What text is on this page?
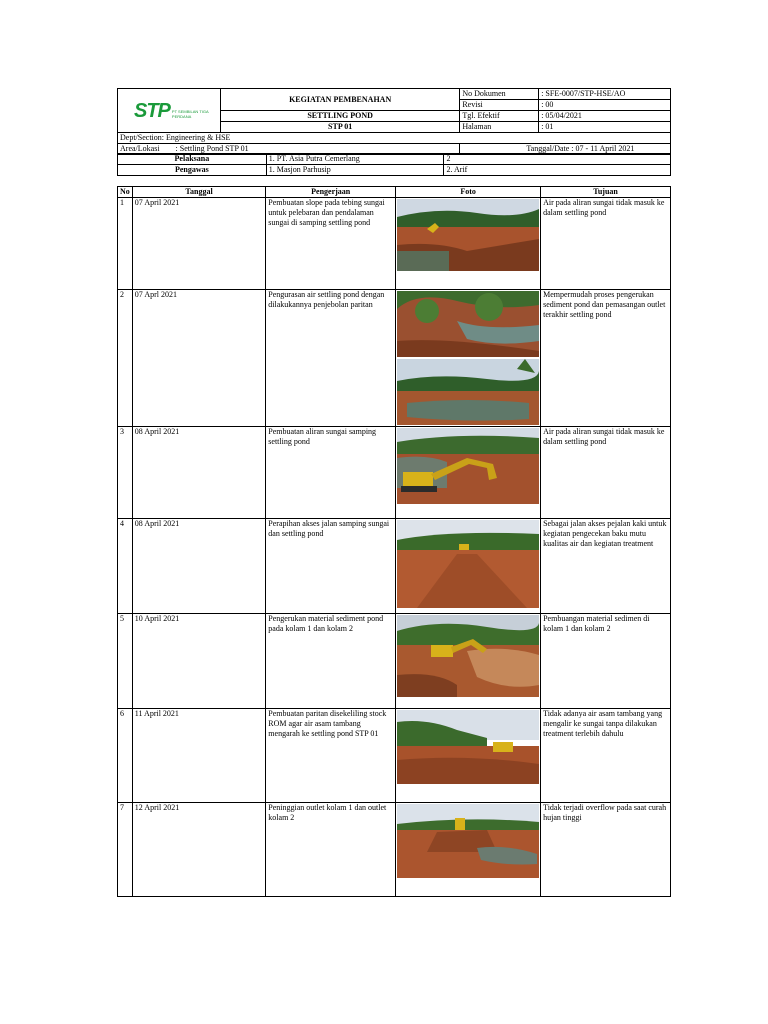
STP PT SEMBILAN TIGA PERDANA	KEGIATAN PEMBENAHAN	No Dokumen	: SFE-0007/STP-HSE/AO
		Revisi	: 00
	SETTLING POND	Tgl. Efektif	: 05/04/2021
	STP 01	Halaman	: 01
Dept/Section: Engineering & HSE			
Area/Lokasi : Settling Pond STP 01		Tanggal/Date : 07 - 11 April 2021	
Pelaksana	1. PT. Asia Putra Cemerlang	2
Pengawas	1. Masjon Parhusip	2. Arif
No	Tanggal	Pengerjaan	Foto	Tujuan
1	07 April 2021	Pembuatan slope pada tebing sungai untuk pelebaran dan pendalaman sungai di samping settling pond		Air pada aliran sungai tidak masuk ke dalam settling pond
2	07 Aprl 2021	Pengurasan air settling pond dengan dilakukannya penjebolan paritan		Mempermudah proses pengerukan sediment pond dan pemasangan outlet terakhir settling pond
3	08 April 2021	Pembuatan aliran sungai samping settling pond		Air pada aliran sungai tidak masuk ke dalam settling pond
4	08 April 2021	Perapihan akses jalan samping sungai dan settling pond		Sebagai jalan akses pejalan kaki untuk kegiatan pengecekan baku mutu kualitas air dan kegiatan treatment
5	10 April 2021	Pengerukan material sediment pond pada kolam 1 dan kolam 2		Pembuangan material sedimen di kolam 1 dan kolam 2
6	11 April 2021	Pembuatan paritan disekeliling stock ROM agar air asam tambang mengarah ke settling pond STP 01		Tidak adanya air asam tambang yang mengalir ke sungai tanpa dilakukan treatment terlebih dahulu
7	12 April 2021	Peninggian outlet kolam 1 dan outlet kolam 2		Tidak terjadi overflow pada saat curah hujan tinggi
